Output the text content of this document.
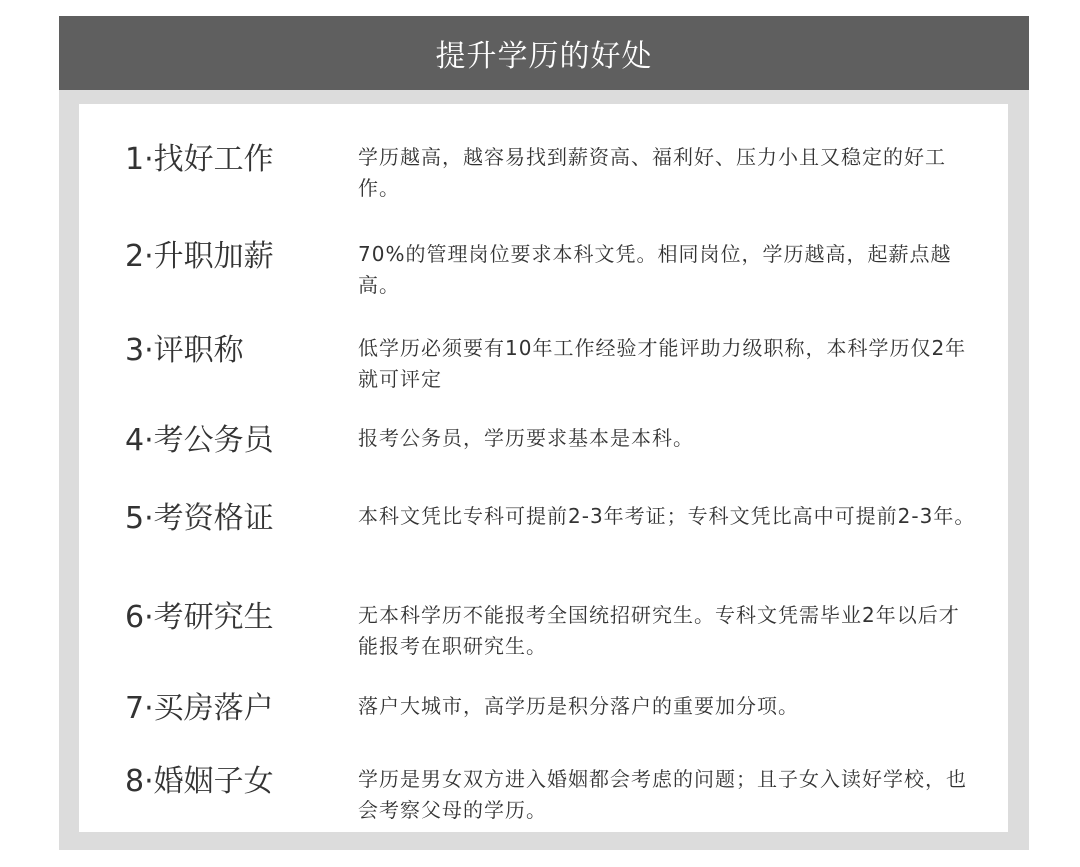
提升学历的好处
1·找好工作	学历越高，越容易找到薪资高、福利好、压力小且又稳定的好工作。
2·升职加薪	70%的管理岗位要求本科文凭。相同岗位，学历越高，起薪点越高。
3·评职称	低学历必须要有10年工作经验才能评助力级职称，本科学历仅2年就可评定
4·考公务员	报考公务员，学历要求基本是本科。
5·考资格证	本科文凭比专科可提前2-3年考证；专科文凭比高中可提前2-3年。
6·考研究生	无本科学历不能报考全国统招研究生。专科文凭需毕业2年以后才能报考在职研究生。
7·买房落户	落户大城市，高学历是积分落户的重要加分项。
8·婚姻子女	学历是男女双方进入婚姻都会考虑的问题；且子女入读好学校，也会考察父母的学历。
